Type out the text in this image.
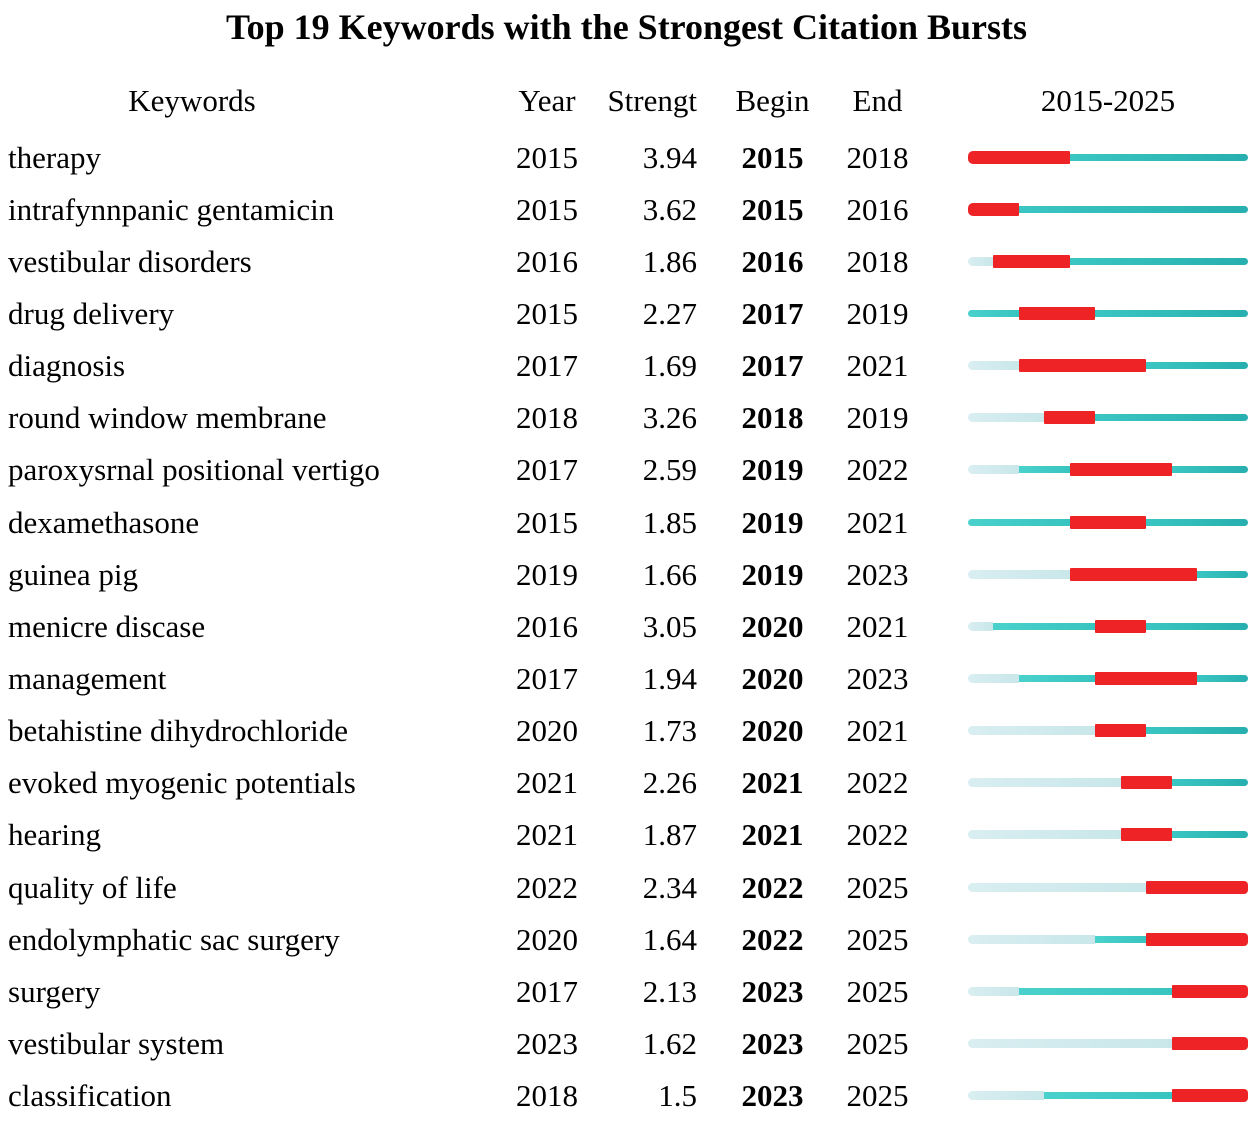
Top 19 Keywords with the Strongest Citation Bursts
Keywords	Year	Strengt	Begin	End	2015-2025
therapy	2015	3.94	2015	2018
intrafynnpanic gentamicin	2015	3.62	2015	2016
vestibular disorders	2016	1.86	2016	2018
drug delivery	2015	2.27	2017	2019
diagnosis	2017	1.69	2017	2021
round window membrane	2018	3.26	2018	2019
paroxysrnal positional vertigo	2017	2.59	2019	2022
dexamethasone	2015	1.85	2019	2021
guinea pig	2019	1.66	2019	2023
menicre discase	2016	3.05	2020	2021
management	2017	1.94	2020	2023
betahistine dihydrochloride	2020	1.73	2020	2021
evoked myogenic potentials	2021	2.26	2021	2022
hearing	2021	1.87	2021	2022
quality of life	2022	2.34	2022	2025
endolymphatic sac surgery	2020	1.64	2022	2025
surgery	2017	2.13	2023	2025
vestibular system	2023	1.62	2023	2025
classification	2018	1.5	2023	2025
